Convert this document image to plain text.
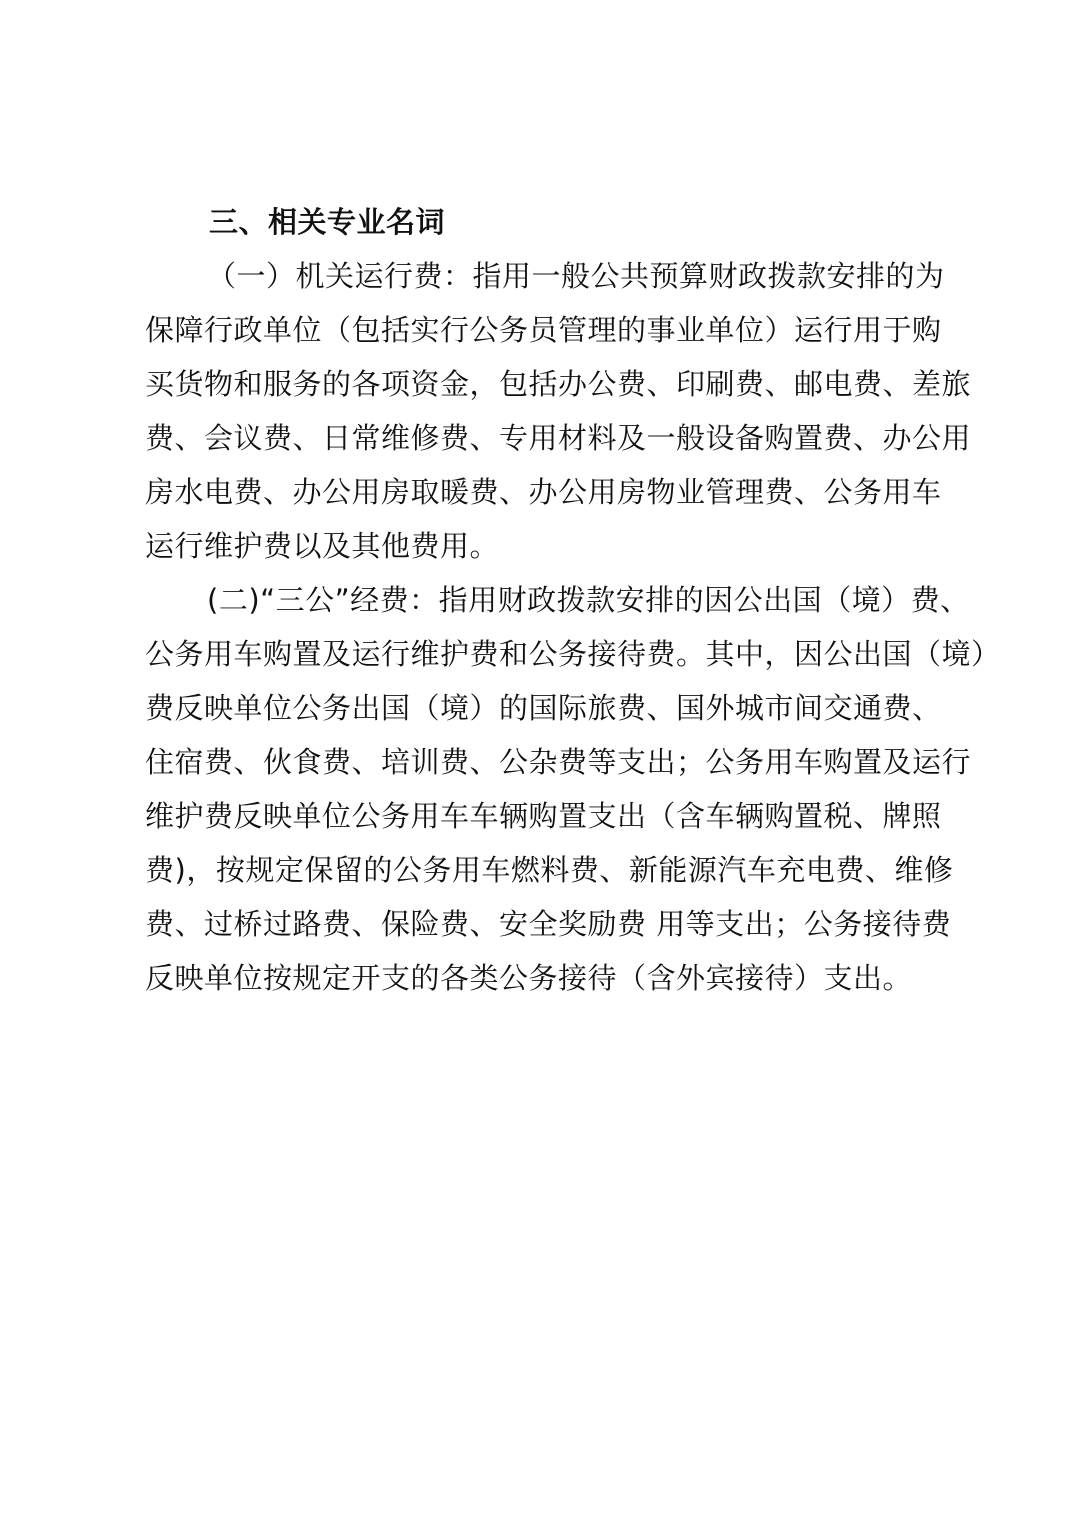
三、相关专业名词
（一）机关运行费：指用一般公共预算财政拨款安排的为
保障行政单位（包括实行公务员管理的事业单位）运行用于购
买货物和服务的各项资金，包括办公费、印刷费、邮电费、差旅
费、会议费、日常维修费、专用材料及一般设备购置费、办公用
房水电费、办公用房取暖费、办公用房物业管理费、公务用车
运行维护费以及其他费用。
(二)“三公”经费：指用财政拨款安排的因公出国（境）费、
公务用车购置及运行维护费和公务接待费。其中，因公出国（境）
费反映单位公务出国（境）的国际旅费、国外城市间交通费、
住宿费、伙食费、培训费、公杂费等支出；公务用车购置及运行
维护费反映单位公务用车车辆购置支出（含车辆购置税、牌照
费)，按规定保留的公务用车燃料费、新能源汽车充电费、维修
费、过桥过路费、保险费、安全奖励费 用等支出；公务接待费
反映单位按规定开支的各类公务接待（含外宾接待）支出。
